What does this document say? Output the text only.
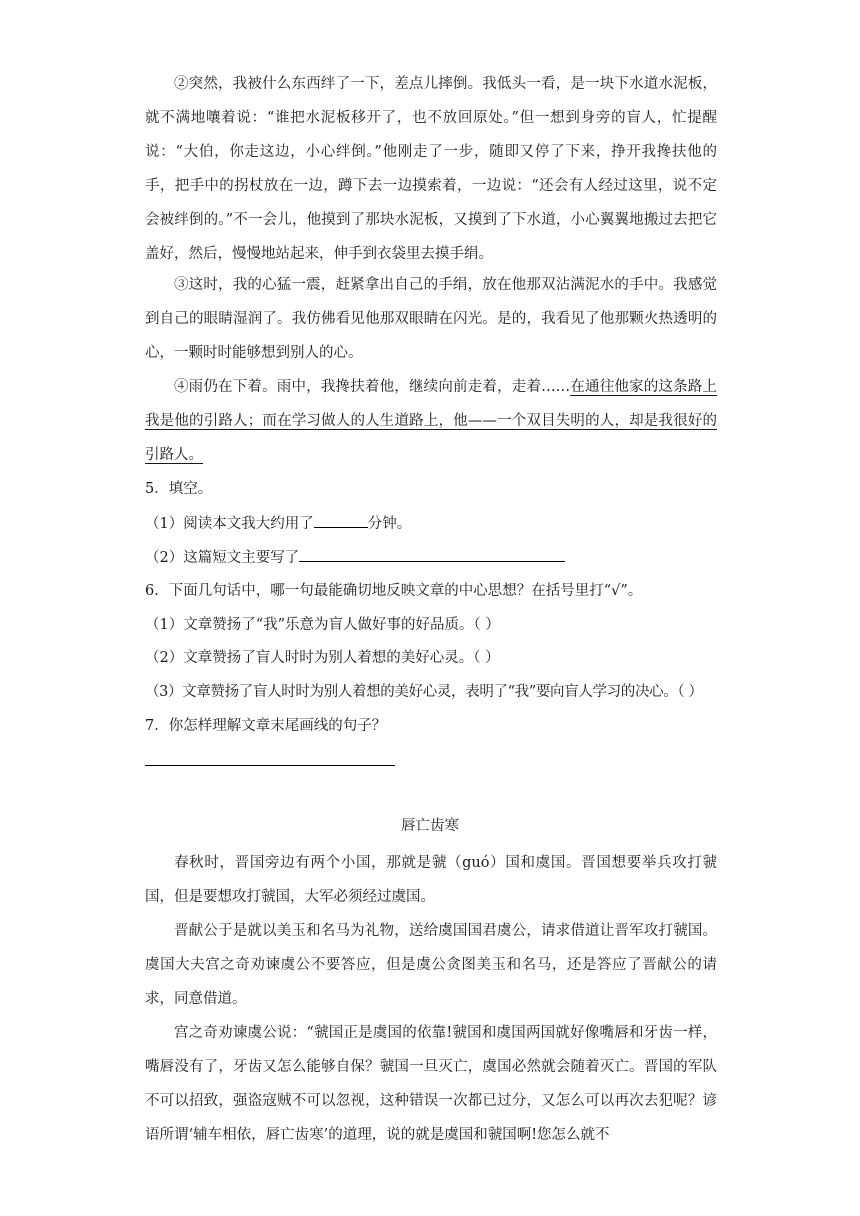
②突然，我被什么东西绊了一下，差点儿摔倒。我低头一看，是一块下水道水泥板，就不满地嚷着说：“谁把水泥板移开了，也不放回原处。”但一想到身旁的盲人，忙提醒说：“大伯，你走这边，小心绊倒。”他刚走了一步，随即又停了下来，挣开我搀扶他的手，把手中的拐杖放在一边，蹲下去一边摸索着，一边说：“还会有人经过这里，说不定会被绊倒的。”不一会儿，他摸到了那块水泥板，又摸到了下水道，小心翼翼地搬过去把它盖好，然后，慢慢地站起来，伸手到衣袋里去摸手绢。

③这时，我的心猛一震，赶紧拿出自己的手绢，放在他那双沾满泥水的手中。我感觉到自己的眼睛湿润了。我仿佛看见他那双眼睛在闪光。是的，我看见了他那颗火热透明的心，一颗时时能够想到别人的心。

④雨仍在下着。雨中，我搀扶着他，继续向前走着，走着……在通往他家的这条路上我是他的引路人；而在学习做人的人生道路上，他——一个双目失明的人，却是我很好的引路人。

5．填空。

（1）阅读本文我大约用了	分钟。

（2）这篇短文主要写了

6．下面几句话中，哪一句最能确切地反映文章的中心思想？在括号里打“√”。

（1）文章赞扬了“我”乐意为盲人做好事的好品质。（ ）

（2）文章赞扬了盲人时时为别人着想的美好心灵。（ ）

（3）文章赞扬了盲人时时为别人着想的美好心灵，表明了“我”要向盲人学习的决心。（ ）

7．你怎样理解文章末尾画线的句子？

唇亡齿寒

春秋时，晋国旁边有两个小国，那就是虢（guó）国和虞国。晋国想要举兵攻打虢国，但是要想攻打虢国，大军必须经过虞国。

晋献公于是就以美玉和名马为礼物，送给虞国国君虞公，请求借道让晋军攻打虢国。虞国大夫宫之奇劝谏虞公不要答应，但是虞公贪图美玉和名马，还是答应了晋献公的请求，同意借道。

宫之奇劝谏虞公说：“虢国正是虞国的依靠!虢国和虞国两国就好像嘴唇和牙齿一样，嘴唇没有了，牙齿又怎么能够自保？虢国一旦灭亡，虞国必然就会随着灭亡。晋国的军队不可以招致，强盗寇贼不可以忽视，这种错误一次都已过分，又怎么可以再次去犯呢？谚语所谓‘辅车相依，唇亡齿寒’的道理，说的就是虞国和虢国啊!您怎么就不
